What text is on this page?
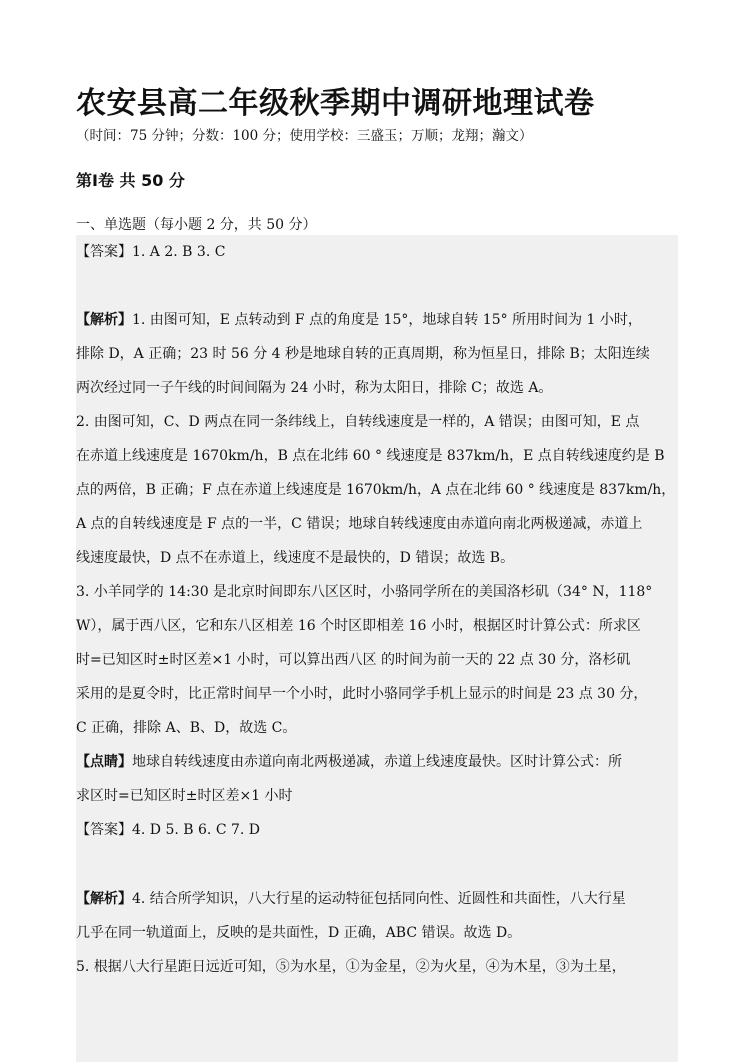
农安县高二年级秋季期中调研地理试卷
（时间：75 分钟；分数：100 分；使用学校：三盛玉；万顺；龙翔；瀚文）
第Ⅰ卷 共 50 分
一、单选题（每小题 2 分，共 50 分）
【答案】1. A 2. B 3. C
【解析】1. 由图可知，E 点转动到 F 点的角度是 15°，地球自转 15° 所用时间为 1 小时，
排除 D，A 正确；23 时 56 分 4 秒是地球自转的正真周期，称为恒星日，排除 B；太阳连续
两次经过同一子午线的时间间隔为 24 小时，称为太阳日，排除 C；故选 A。
2. 由图可知，C、D 两点在同一条纬线上，自转线速度是一样的，A 错误；由图可知，E 点
在赤道上线速度是 1670km/h，B 点在北纬 60 ° 线速度是 837km/h，E 点自转线速度约是 B
点的两倍，B 正确；F 点在赤道上线速度是 1670km/h，A 点在北纬 60 ° 线速度是 837km/h，
A 点的自转线速度是 F 点的一半，C 错误；地球自转线速度由赤道向南北两极递减，赤道上
线速度最快，D 点不在赤道上，线速度不是最快的，D 错误；故选 B。
3. 小羊同学的 14:30 是北京时间即东八区区时，小骆同学所在的美国洛杉矶（34° N，118°
W），属于西八区，它和东八区相差 16 个时区即相差 16 小时，根据区时计算公式：所求区
时=已知区时±时区差×1 小时，可以算出西八区 的时间为前一天的 22 点 30 分，洛杉矶
采用的是夏令时，比正常时间早一个小时，此时小骆同学手机上显示的时间是 23 点 30 分，
C 正确，排除 A、B、D，故选 C。
【点睛】地球自转线速度由赤道向南北两极递减，赤道上线速度最快。区时计算公式：所
求区时=已知区时±时区差×1 小时
【答案】4. D 5. B 6. C 7. D
【解析】4. 结合所学知识，八大行星的运动特征包括同向性、近圆性和共面性，八大行星
几乎在同一轨道面上，反映的是共面性，D 正确，ABC 错误。故选 D。
5. 根据八大行星距日远近可知，⑤为水星，①为金星，②为火星，④为木星，③为土星，
